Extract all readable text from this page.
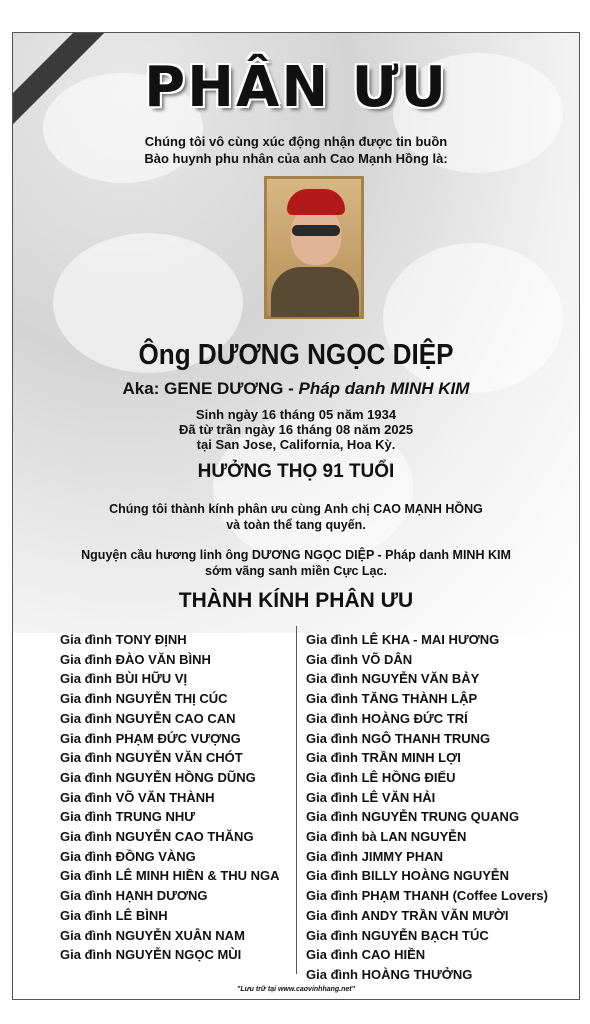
PHÂN ƯU
Chúng tôi vô cùng xúc động nhận được tin buồn
Bào huynh phu nhân của anh Cao Mạnh Hồng là:
Ông DƯƠNG NGỌC DIỆP
Aka: GENE DƯƠNG - Pháp danh MINH KIM
Sinh ngày 16 tháng 05 năm 1934
Đã từ trần ngày 16 tháng 08 năm 2025
tại San Jose, California, Hoa Kỳ.
HƯỞNG THỌ 91 TUỔI
Chúng tôi thành kính phân ưu cùng Anh chị CAO MẠNH HỒNG
và toàn thể tang quyến.
Nguyện cầu hương linh ông DƯƠNG NGỌC DIỆP - Pháp danh MINH KIM
sớm vãng sanh miền Cực Lạc.
THÀNH KÍNH PHÂN ƯU
Gia đình TONY ĐỊNH
Gia đình ĐÀO VĂN BÌNH
Gia đình BÙI HỮU VỊ
Gia đình NGUYỄN THỊ CÚC
Gia đình NGUYỄN CAO CAN
Gia đình PHẠM ĐỨC VƯỢNG
Gia đình NGUYỄN VĂN CHÓT
Gia đình NGUYỄN HỒNG DŨNG
Gia đình VÕ VĂN THÀNH
Gia đình TRUNG NHƯ
Gia đình NGUYỄN CAO THĂNG
Gia đình ĐỒNG VÀNG
Gia đình LÊ MINH HIỀN & THU NGA
Gia đình HẠNH DƯƠNG
Gia đình LÊ BÌNH
Gia đình NGUYỄN XUÂN NAM
Gia đình NGUYỄN NGỌC MÙI
Gia đình LÊ KHA - MAI HƯƠNG
Gia đình VÕ DÂN
Gia đình NGUYỄN VĂN BẢY
Gia đình TĂNG THÀNH LẬP
Gia đình HOÀNG ĐỨC TRÍ
Gia đình NGÔ THANH TRUNG
Gia đình TRẦN MINH LỢI
Gia đình LÊ HỒNG ĐIỂU
Gia đình LÊ VĂN HẢI
Gia đình NGUYỄN TRUNG QUANG
Gia đình bà LAN NGUYỄN
Gia đình JIMMY PHAN
Gia đình BILLY HOÀNG NGUYỄN
Gia đình PHẠM THANH (Coffee Lovers)
Gia đình ANDY TRẦN VĂN MƯỜI
Gia đình NGUYỄN BẠCH TÚC
Gia đình CAO HIỀN
Gia đình HOÀNG THƯỞNG
"Lưu trữ tại www.caovinhhang.net"
